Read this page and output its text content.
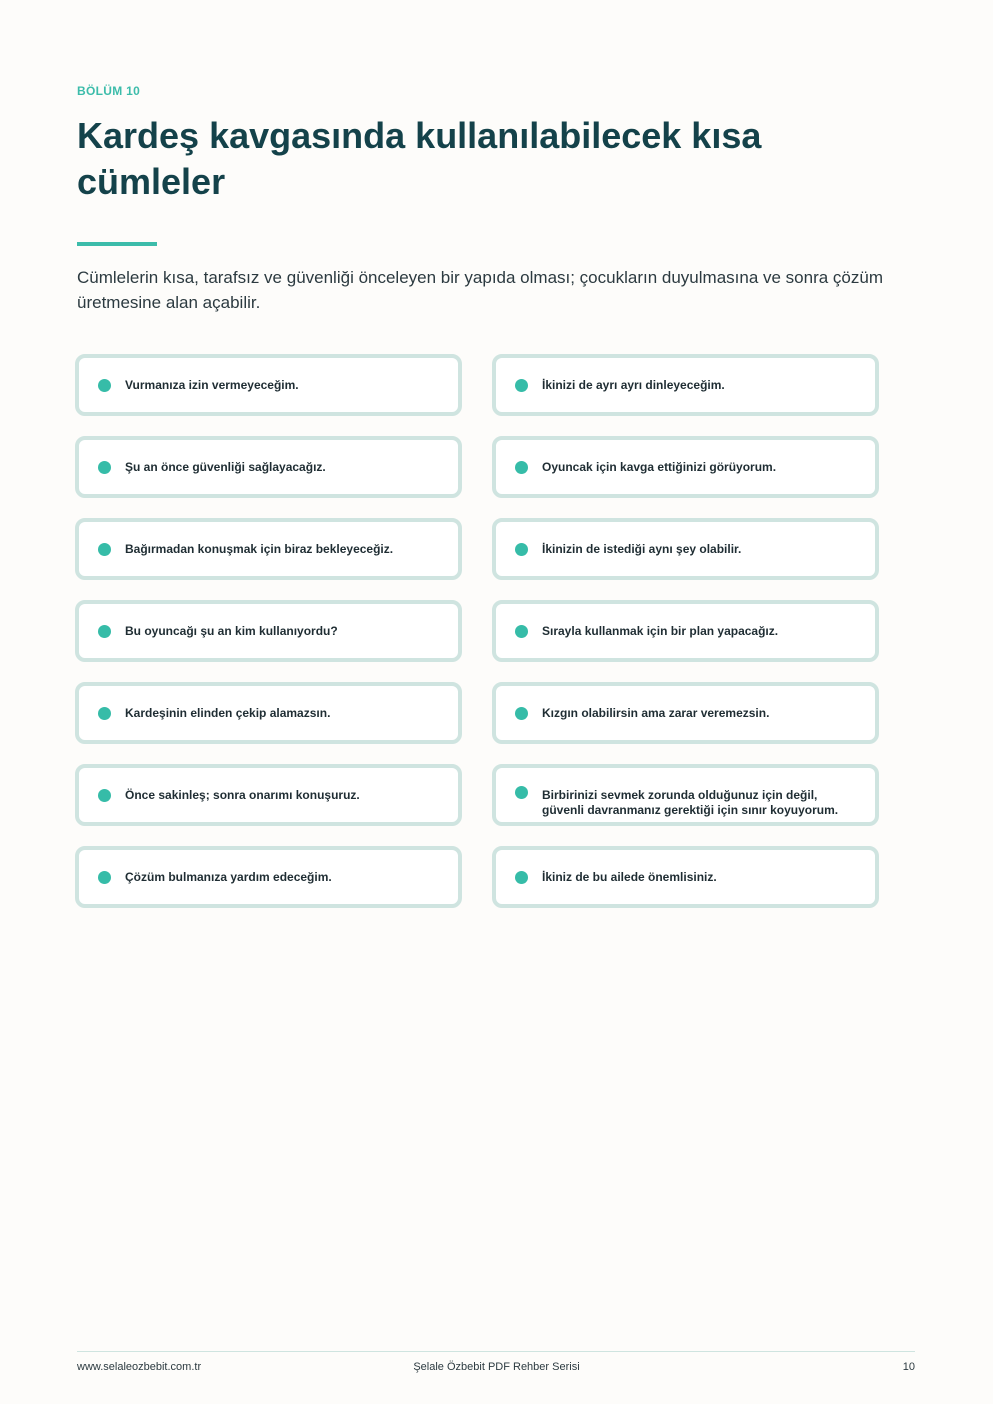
BÖLÜM 10
Kardeş kavgasında kullanılabilecek kısa cümleler

Cümlelerin kısa, tarafsız ve güvenliği önceleyen bir yapıda olması; çocukların duyulmasına ve sonra çözüm üretmesine alan açabilir.

Vurmanıza izin vermeyeceğim.	İkinizi de ayrı ayrı dinleyeceğim.
Şu an önce güvenliği sağlayacağız.	Oyuncak için kavga ettiğinizi görüyorum.
Bağırmadan konuşmak için biraz bekleyeceğiz.	İkinizin de istediği aynı şey olabilir.
Bu oyuncağı şu an kim kullanıyordu?	Sırayla kullanmak için bir plan yapacağız.
Kardeşinin elinden çekip alamazsın.	Kızgın olabilirsin ama zarar veremezsin.
Önce sakinleş; sonra onarımı konuşuruz.	Birbirinizi sevmek zorunda olduğunuz için değil, güvenli davranmanız gerektiği için sınır koyuyorum.
Çözüm bulmanıza yardım edeceğim.	İkiniz de bu ailede önemlisiniz.
www.selaleozbebit.com.tr	Şelale Özbebit PDF Rehber Serisi	10
